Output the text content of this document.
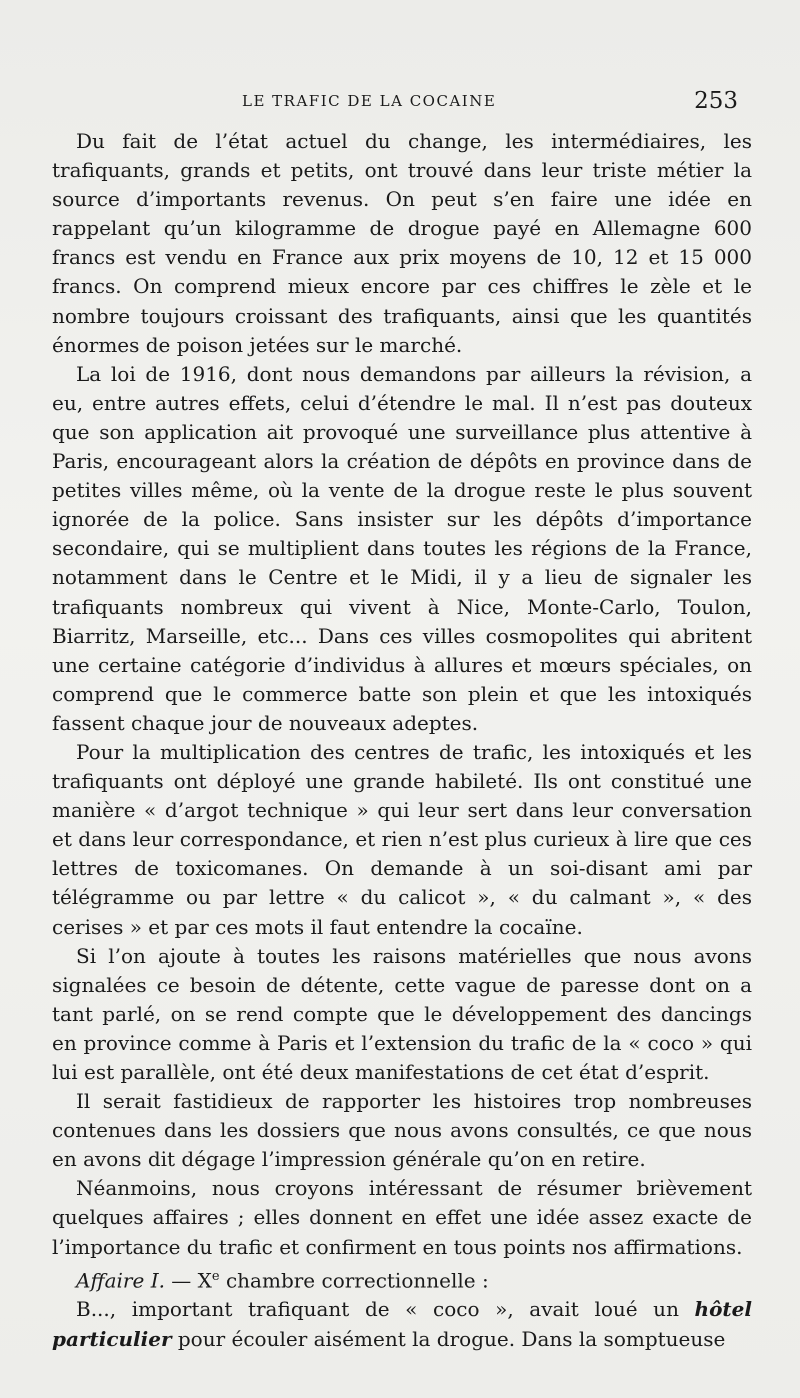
LE TRAFIC DE LA COCAINE	253

Du fait de l’état actuel du change, les intermédiaires, les trafiquants, grands et petits, ont trouvé dans leur triste métier la source d’importants revenus. On peut s’en faire une idée en rappelant qu’un kilogramme de drogue payé en Allemagne 600 francs est vendu en France aux prix moyens de 10, 12 et 15 000 francs. On comprend mieux encore par ces chiffres le zèle et le nombre toujours croissant des trafiquants, ainsi que les quantités énormes de poison jetées sur le marché.

La loi de 1916, dont nous demandons par ailleurs la révision, a eu, entre autres effets, celui d’étendre le mal. Il n’est pas douteux que son application ait provoqué une surveillance plus attentive à Paris, encourageant alors la création de dépôts en province dans de petites villes même, où la vente de la drogue reste le plus souvent ignorée de la police. Sans insister sur les dépôts d’importance secondaire, qui se multiplient dans toutes les régions de la France, notamment dans le Centre et le Midi, il y a lieu de signaler les trafiquants nombreux qui vivent à Nice, Monte-Carlo, Toulon, Biarritz, Marseille, etc... Dans ces villes cosmopolites qui abritent une certaine catégorie d’individus à allures et mœurs spéciales, on comprend que le commerce batte son plein et que les intoxiqués fassent chaque jour de nouveaux adeptes.

Pour la multiplication des centres de trafic, les intoxiqués et les trafiquants ont déployé une grande habileté. Ils ont constitué une manière « d’argot technique » qui leur sert dans leur conversation et dans leur correspondance, et rien n’est plus curieux à lire que ces lettres de toxicomanes. On demande à un soi-disant ami par télégramme ou par lettre « du calicot », « du calmant », « des cerises » et par ces mots il faut entendre la cocaïne.

Si l’on ajoute à toutes les raisons matérielles que nous avons signalées ce besoin de détente, cette vague de paresse dont on a tant parlé, on se rend compte que le développement des dancings en province comme à Paris et l’extension du trafic de la « coco » qui lui est parallèle, ont été deux manifestations de cet état d’esprit.

Il serait fastidieux de rapporter les histoires trop nombreuses contenues dans les dossiers que nous avons consultés, ce que nous en avons dit dégage l’impression générale qu’on en retire.

Néanmoins, nous croyons intéressant de résumer brièvement quelques affaires ; elles donnent en effet une idée assez exacte de l’importance du trafic et confirment en tous points nos affirmations.

Affaire I. — Xe chambre correctionnelle :

B..., important trafiquant de « coco », avait loué un hôtel particulier pour écouler aisément la drogue. Dans la somptueuse
